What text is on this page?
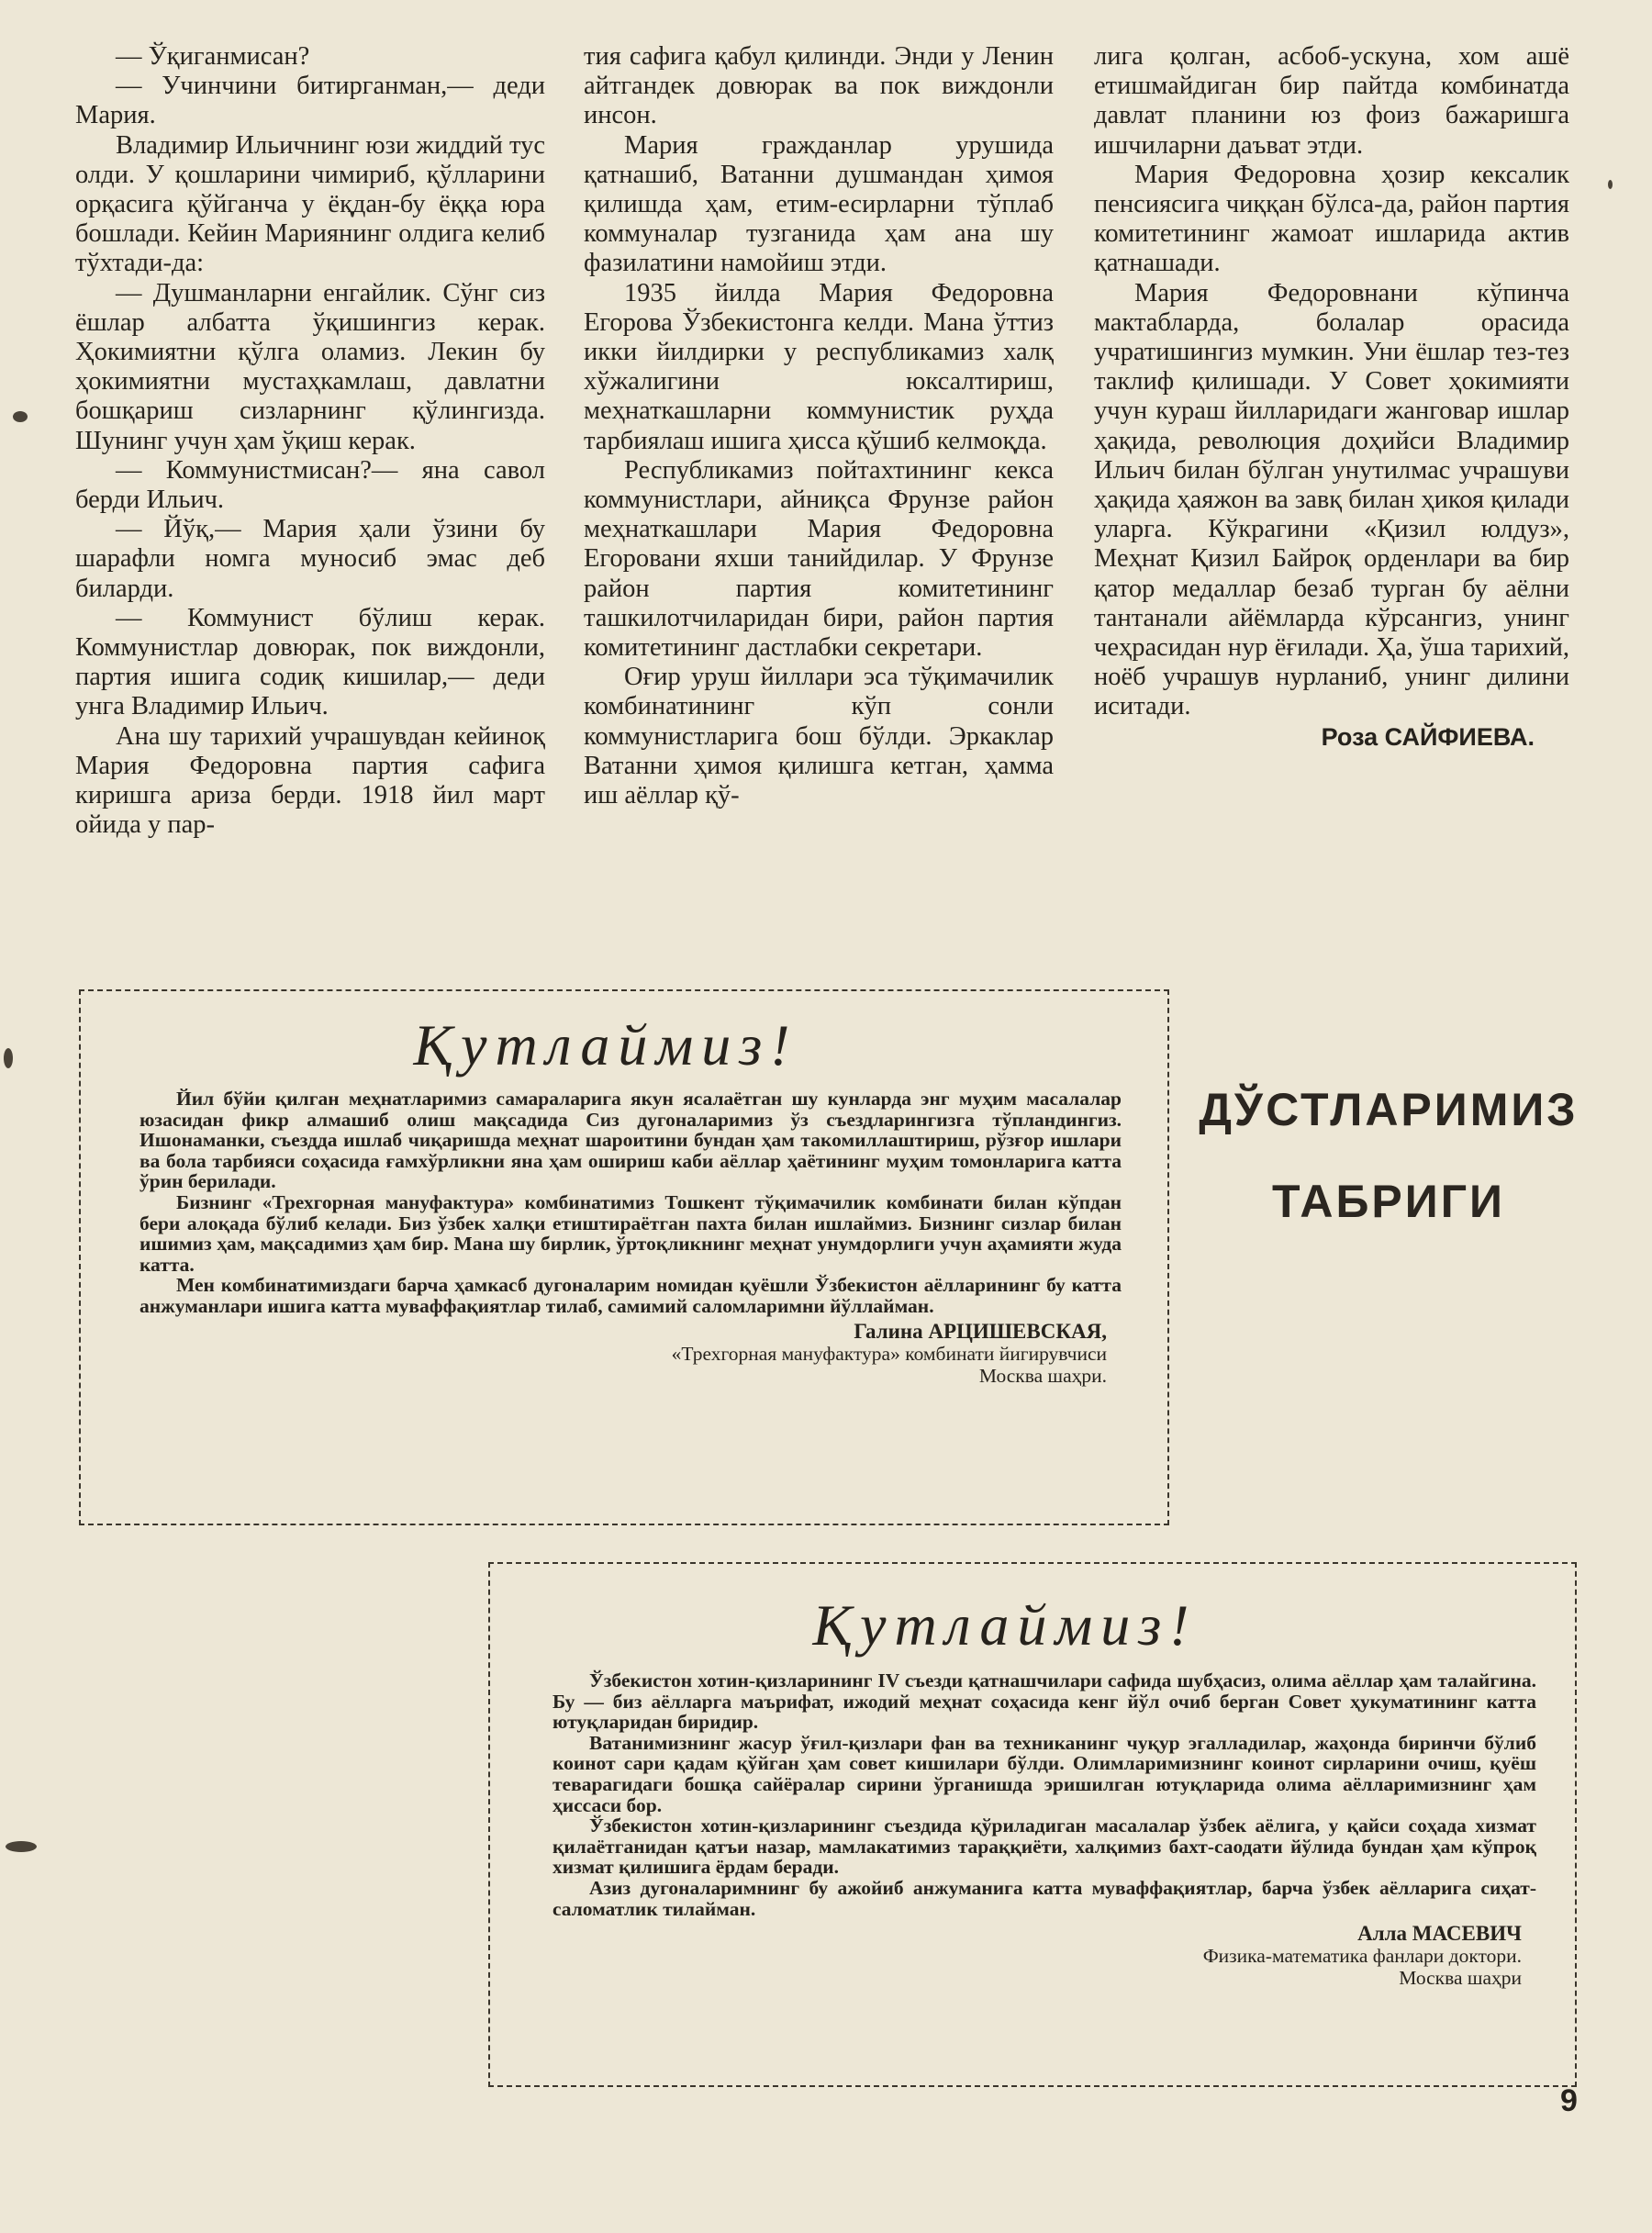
— Ўқиганмисан?

— Учинчини битирганман,— деди Мария.

Владимир Ильичнинг юзи жиддий тус олди. У қошларини чимириб, қўлларини орқасига қўйганча у ёқдан-бу ёққа юра бошлади. Кейин Мариянинг олдига келиб тўхтади-да:

— Душманларни енгайлик. Сўнг сиз ёшлар албатта ўқишингиз керак. Ҳокимиятни қўлга оламиз. Лекин бу ҳокимиятни мустаҳкамлаш, давлатни бошқариш сизларнинг қўлингизда. Шунинг учун ҳам ўқиш керак.

— Коммунистмисан?— яна савол берди Ильич.

— Йўқ,— Мария ҳали ўзини бу шарафли номга муносиб эмас деб биларди.

— Коммунист бўлиш керак. Коммунистлар довюрак, пок виждонли, партия ишига содиқ кишилар,— деди унга Владимир Ильич.

Ана шу тарихий учрашувдан кейиноқ Мария Федоровна партия сафига киришга ариза берди. 1918 йил март ойида у пар-

тия сафига қабул қилинди. Энди у Ленин айтгандек довюрак ва пок виждонли инсон.

Мария гражданлар урушида қатнашиб, Ватанни душмандан ҳимоя қилишда ҳам, етим-есирларни тўплаб коммуналар тузганида ҳам ана шу фазилатини намойиш этди.

1935 йилда Мария Федоровна Егорова Ўзбекистонга келди. Мана ўттиз икки йилдирки у республикамиз халқ хўжалигини юксалтириш, меҳнаткашларни коммунистик руҳда тарбиялаш ишига ҳисса қўшиб келмоқда.

Республикамиз пойтахтининг кекса коммунистлари, айниқса Фрунзе район меҳнаткашлари Мария Федоровна Егоровани яхши танийдилар. У Фрунзе район партия комитетининг ташкилотчиларидан бири, район партия комитетининг дастлабки секретари.

Оғир уруш йиллари эса тўқимачилик комбинатининг кўп сонли коммунистларига бош бўлди. Эркаклар Ватанни ҳимоя қилишга кетган, ҳамма иш аёллар қў-

лига қолган, асбоб-ускуна, хом ашё етишмайдиган бир пайтда комбинатда давлат планини юз фоиз бажаришга ишчиларни даъват этди.

Мария Федоровна ҳозир кексалик пенсиясига чиққан бўлса-да, район партия комитетининг жамоат ишларида актив қатнашади.

Мария Федоровнани кўпинча мактабларда, болалар орасида учратишингиз мумкин. Уни ёшлар тез-тез таклиф қилишади. У Совет ҳокимияти учун кураш йилларидаги жанговар ишлар ҳақида, революция доҳийси Владимир Ильич билан бўлган унутилмас учрашуви ҳақида ҳаяжон ва завқ билан ҳикоя қилади уларга. Кўкрагини «Қизил юлдуз», Меҳнат Қизил Байроқ орденлари ва бир қатор медаллар безаб турган бу аёлни тантанали айёмларда кўрсангиз, унинг чеҳрасидан нур ёғилади. Ҳа, ўша тарихий, ноёб учрашув нурланиб, унинг дилини иситади.

Роза САЙФИЕВА.

Қутлаймиз!

Йил бўйи қилган меҳнатларимиз самараларига якун ясалаётган шу кунларда энг муҳим масалалар юзасидан фикр алмашиб олиш мақсадида Сиз дугоналаримиз ўз съездларингизга тўпландингиз. Ишонаманки, съездда ишлаб чиқаришда меҳнат шароитини бундан ҳам такомиллаштириш, рўзғор ишлари ва бола тарбияси соҳасида ғамхўрликни яна ҳам ошириш каби аёллар ҳаётининг муҳим томонларига катта ўрин берилади.

Бизнинг «Трехгорная мануфактура» комбинатимиз Тошкент тўқимачилик комбинати билан кўпдан бери алоқада бўлиб келади. Биз ўзбек халқи етиштираётган пахта билан ишлаймиз. Бизнинг сизлар билан ишимиз ҳам, мақсадимиз ҳам бир. Мана шу бирлик, ўртоқликнинг меҳнат унумдорлиги учун аҳамияти жуда катта.

Мен комбинатимиздаги барча ҳамкасб дугоналарим номидан қуёшли Ўзбекистон аёлларининг бу катта анжуманлари ишига катта муваффақиятлар тилаб, самимий саломларимни йўллайман.

Галина АРЦИШЕВСКАЯ,
«Трехгорная мануфактура» комбинати йигирувчиси
Москва шаҳри.
ДЎСТЛАРИМИЗ
ТАБРИГИ

Қутлаймиз!

Ўзбекистон хотин-қизларининг IV съезди қатнашчилари сафида шубҳасиз, олима аёллар ҳам талайгина. Бу — биз аёлларга маърифат, ижодий меҳнат соҳасида кенг йўл очиб берган Совет ҳукуматининг катта ютуқларидан биридир.

Ватанимизнинг жасур ўғил-қизлари фан ва техниканинг чуқур эгалладилар, жаҳонда биринчи бўлиб коинот сари қадам қўйган ҳам совет кишилари бўлди. Олимларимизнинг коинот сирларини очиш, қуёш теварагидаги бошқа сайёралар сирини ўрганишда эришилган ютуқларида олима аёлларимизнинг ҳам ҳиссаси бор.

Ўзбекистон хотин-қизларининг съездида қўриладиган масалалар ўзбек аёлига, у қайси соҳада хизмат қилаётганидан қатъи назар, мамлакатимиз тараққиёти, халқимиз бахт-саодати йўлида бундан ҳам кўпроқ хизмат қилишига ёрдам беради.

Азиз дугоналаримнинг бу ажойиб анжуманига катта муваффақиятлар, барча ўзбек аёлларига сиҳат-саломатлик тилайман.

Алла МАСЕВИЧ
Физика-математика фанлари доктори.
Москва шаҳри
9
